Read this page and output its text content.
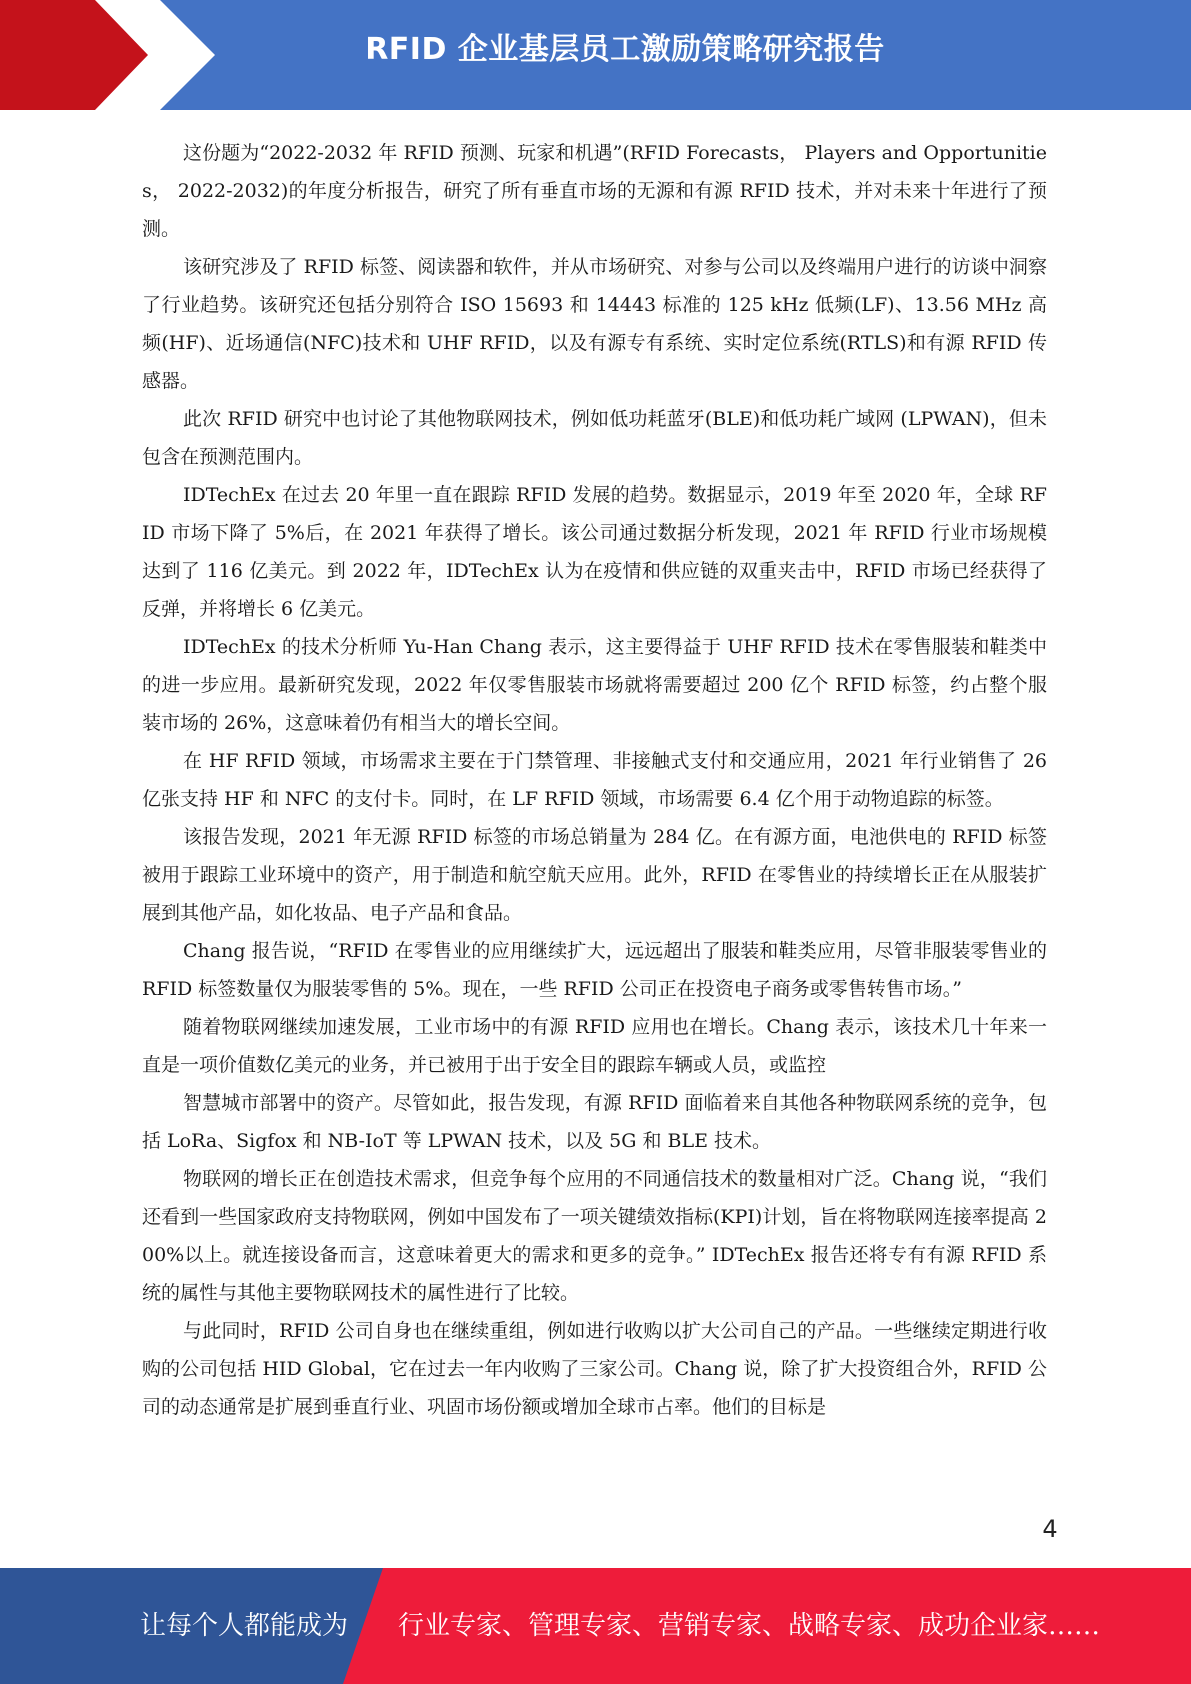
RFID 企业基层员工激励策略研究报告

这份题为“2022-2032 年 RFID 预测、玩家和机遇”(RFID Forecasts， Players and Opportunities， 2022-2032)的年度分析报告，研究了所有垂直市场的无源和有源 RFID 技术，并对未来十年进行了预测。

该研究涉及了 RFID 标签、阅读器和软件，并从市场研究、对参与公司以及终端用户进行的访谈中洞察了行业趋势。该研究还包括分别符合 ISO 15693 和 14443 标准的 125 kHz 低频(LF)、13.56 MHz 高频(HF)、近场通信(NFC)技术和 UHF RFID，以及有源专有系统、实时定位系统(RTLS)和有源 RFID 传感器。

此次 RFID 研究中也讨论了其他物联网技术，例如低功耗蓝牙(BLE)和低功耗广域网 (LPWAN)，但未包含在预测范围内。

IDTechEx 在过去 20 年里一直在跟踪 RFID 发展的趋势。数据显示，2019 年至 2020 年，全球 RFID 市场下降了 5%后，在 2021 年获得了增长。该公司通过数据分析发现，2021 年 RFID 行业市场规模达到了 116 亿美元。到 2022 年，IDTechEx 认为在疫情和供应链的双重夹击中，RFID 市场已经获得了反弹，并将增长 6 亿美元。

IDTechEx 的技术分析师 Yu-Han Chang 表示，这主要得益于 UHF RFID 技术在零售服装和鞋类中的进一步应用。最新研究发现，2022 年仅零售服装市场就将需要超过 200 亿个 RFID 标签，约占整个服装市场的 26%，这意味着仍有相当大的增长空间。

在 HF RFID 领域，市场需求主要在于门禁管理、非接触式支付和交通应用，2021 年行业销售了 26 亿张支持 HF 和 NFC 的支付卡。同时，在 LF RFID 领域，市场需要 6.4 亿个用于动物追踪的标签。

该报告发现，2021 年无源 RFID 标签的市场总销量为 284 亿。在有源方面，电池供电的 RFID 标签被用于跟踪工业环境中的资产，用于制造和航空航天应用。此外，RFID 在零售业的持续增长正在从服装扩展到其他产品，如化妆品、电子产品和食品。

Chang 报告说，“RFID 在零售业的应用继续扩大，远远超出了服装和鞋类应用，尽管非服装零售业的 RFID 标签数量仅为服装零售的 5%。现在，一些 RFID 公司正在投资电子商务或零售转售市场。”

随着物联网继续加速发展，工业市场中的有源 RFID 应用也在增长。Chang 表示，该技术几十年来一直是一项价值数亿美元的业务，并已被用于出于安全目的跟踪车辆或人员，或监控

智慧城市部署中的资产。尽管如此，报告发现，有源 RFID 面临着来自其他各种物联网系统的竞争，包括 LoRa、Sigfox 和 NB-IoT 等 LPWAN 技术，以及 5G 和 BLE 技术。

物联网的增长正在创造技术需求，但竞争每个应用的不同通信技术的数量相对广泛。Chang 说，“我们还看到一些国家政府支持物联网，例如中国发布了一项关键绩效指标(KPI)计划，旨在将物联网连接率提高 200%以上。就连接设备而言，这意味着更大的需求和更多的竞争。” IDTechEx 报告还将专有有源 RFID 系统的属性与其他主要物联网技术的属性进行了比较。

与此同时，RFID 公司自身也在继续重组，例如进行收购以扩大公司自己的产品。一些继续定期进行收购的公司包括 HID Global，它在过去一年内收购了三家公司。Chang 说，除了扩大投资组合外，RFID 公司的动态通常是扩展到垂直行业、巩固市场份额或增加全球市占率。他们的目标是

4
让每个人都能成为 行业专家、管理专家、营销专家、战略专家、成功企业家……
